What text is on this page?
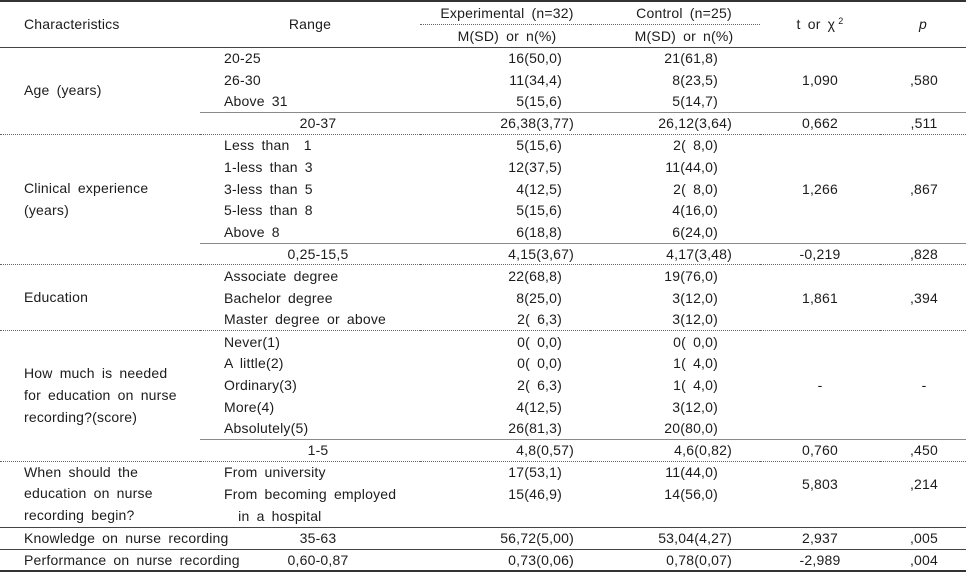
Characteristics	Range	Experimental (n=32)	Control (n=25)	t or χ $^2$	p
		M(SD) or n(%)	M(SD) or n(%)		

Age (years)	20-25	16(50,0)	21(61,8)	1,090	,580
	26-30	11(34,4)	8(23,5)		
	Above 31	5(15,6)	5(14,7)		
	20-37	26,38(3,77)	26,12(3,64)	0,662	,511

Clinical experience
(years)	Less than  1	5(15,6)	2( 8,0)	1,266	,867
	1-less than 3	12(37,5)	11(44,0)		
	3-less than 5	4(12,5)	2( 8,0)		
	5-less than 8	5(15,6)	4(16,0)		
	Above 8	6(18,8)	6(24,0)		
	0,25-15,5	4,15(3,67)	4,17(3,48)	-0,219	,828

Education	Associate degree	22(68,8)	19(76,0)	1,861	,394
	Bachelor degree	8(25,0)	3(12,0)		
	Master degree or above	2( 6,3)	3(12,0)		

How much is needed
for education on nurse
recording?(score)	Never(1)	0( 0,0)	0( 0,0)	-	-
	A little(2)	0( 0,0)	1( 4,0)		
	Ordinary(3)	2( 6,3)	1( 4,0)		
	More(4)	4(12,5)	3(12,0)		
	Absolutely(5)	26(81,3)	20(80,0)		
	1-5	4,8(0,57)	4,6(0,82)	0,760	,450

When should the
education on nurse
recording begin?	From university	17(53,1)	11(44,0)	5,803	,214
	From becoming employed	15(46,9)	14(56,0)		
	in a hospital				
Knowledge on nurse recording	35-63	56,72(5,00)	53,04(4,27)	2,937	,005
Performance on nurse recording	0,60-0,87	0,73(0,06)	0,78(0,07)	-2,989	,004
